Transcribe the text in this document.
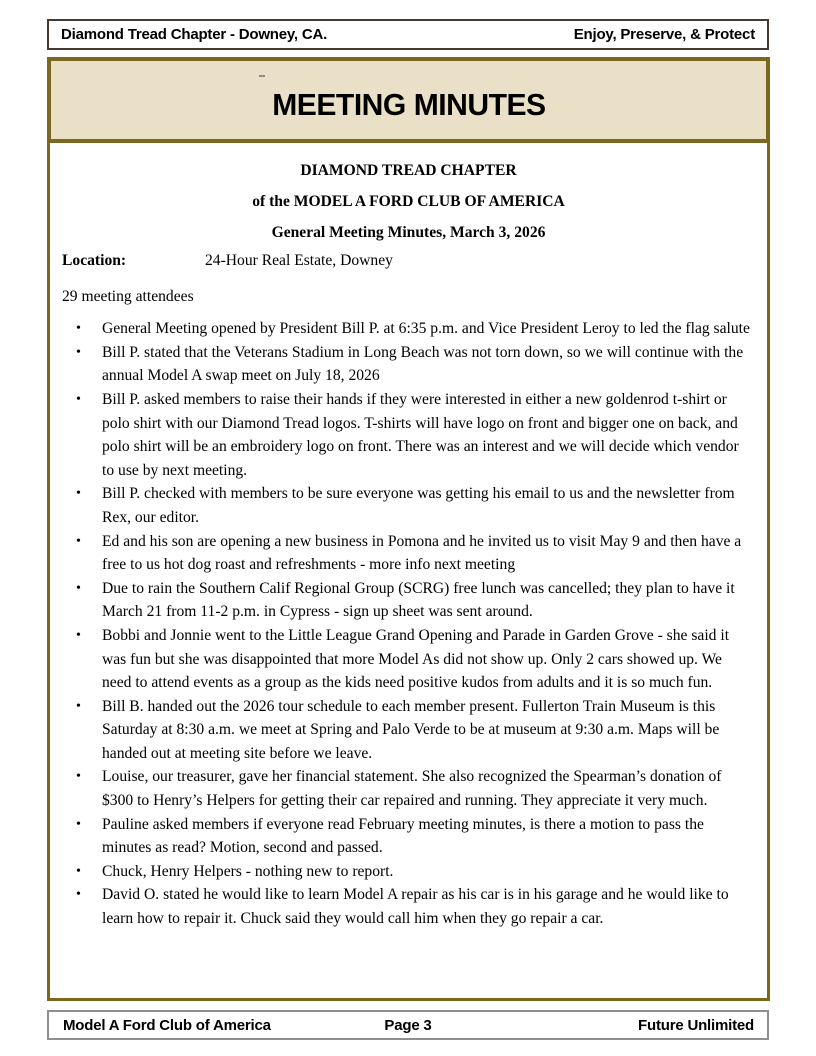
Diamond Tread Chapter - Downey, CA.	Enjoy, Preserve, & Protect
MEETING MINUTES
DIAMOND TREAD CHAPTER
of the MODEL A FORD CLUB OF AMERICA
General Meeting Minutes, March 3, 2026
Location:	24-Hour Real Estate, Downey
29 meeting attendees
• General Meeting opened by President Bill P. at 6:35 p.m. and Vice President Leroy to led the flag salute
• Bill P. stated that the Veterans Stadium in Long Beach was not torn down, so we will continue with the annual Model A swap meet on July 18, 2026
• Bill P. asked members to raise their hands if they were interested in either a new goldenrod t-shirt or polo shirt with our Diamond Tread logos. T-shirts will have logo on front and bigger one on back, and polo shirt will be an embroidery logo on front. There was an interest and we will decide which vendor to use by next meeting.
• Bill P. checked with members to be sure everyone was getting his email to us and the newsletter from Rex, our editor.
• Ed and his son are opening a new business in Pomona and he invited us to visit May 9 and then have a free to us hot dog roast and refreshments - more info next meeting
• Due to rain the Southern Calif Regional Group (SCRG) free lunch was cancelled; they plan to have it March 21 from 11-2 p.m. in Cypress - sign up sheet was sent around.
• Bobbi and Jonnie went to the Little League Grand Opening and Parade in Garden Grove - she said it was fun but she was disappointed that more Model As did not show up. Only 2 cars showed up. We need to attend events as a group as the kids need positive kudos from adults and it is so much fun.
• Bill B. handed out the 2026 tour schedule to each member present. Fullerton Train Museum is this Saturday at 8:30 a.m. we meet at Spring and Palo Verde to be at museum at 9:30 a.m. Maps will be handed out at meeting site before we leave.
• Louise, our treasurer, gave her financial statement. She also recognized the Spearman’s donation of $300 to Henry’s Helpers for getting their car repaired and running. They appreciate it very much.
• Pauline asked members if everyone read February meeting minutes, is there a motion to pass the minutes as read? Motion, second and passed.
• Chuck, Henry Helpers - nothing new to report.
• David O. stated he would like to learn Model A repair as his car is in his garage and he would like to learn how to repair it. Chuck said they would call him when they go repair a car.
Model A Ford Club of America	Page 3	Future Unlimited
